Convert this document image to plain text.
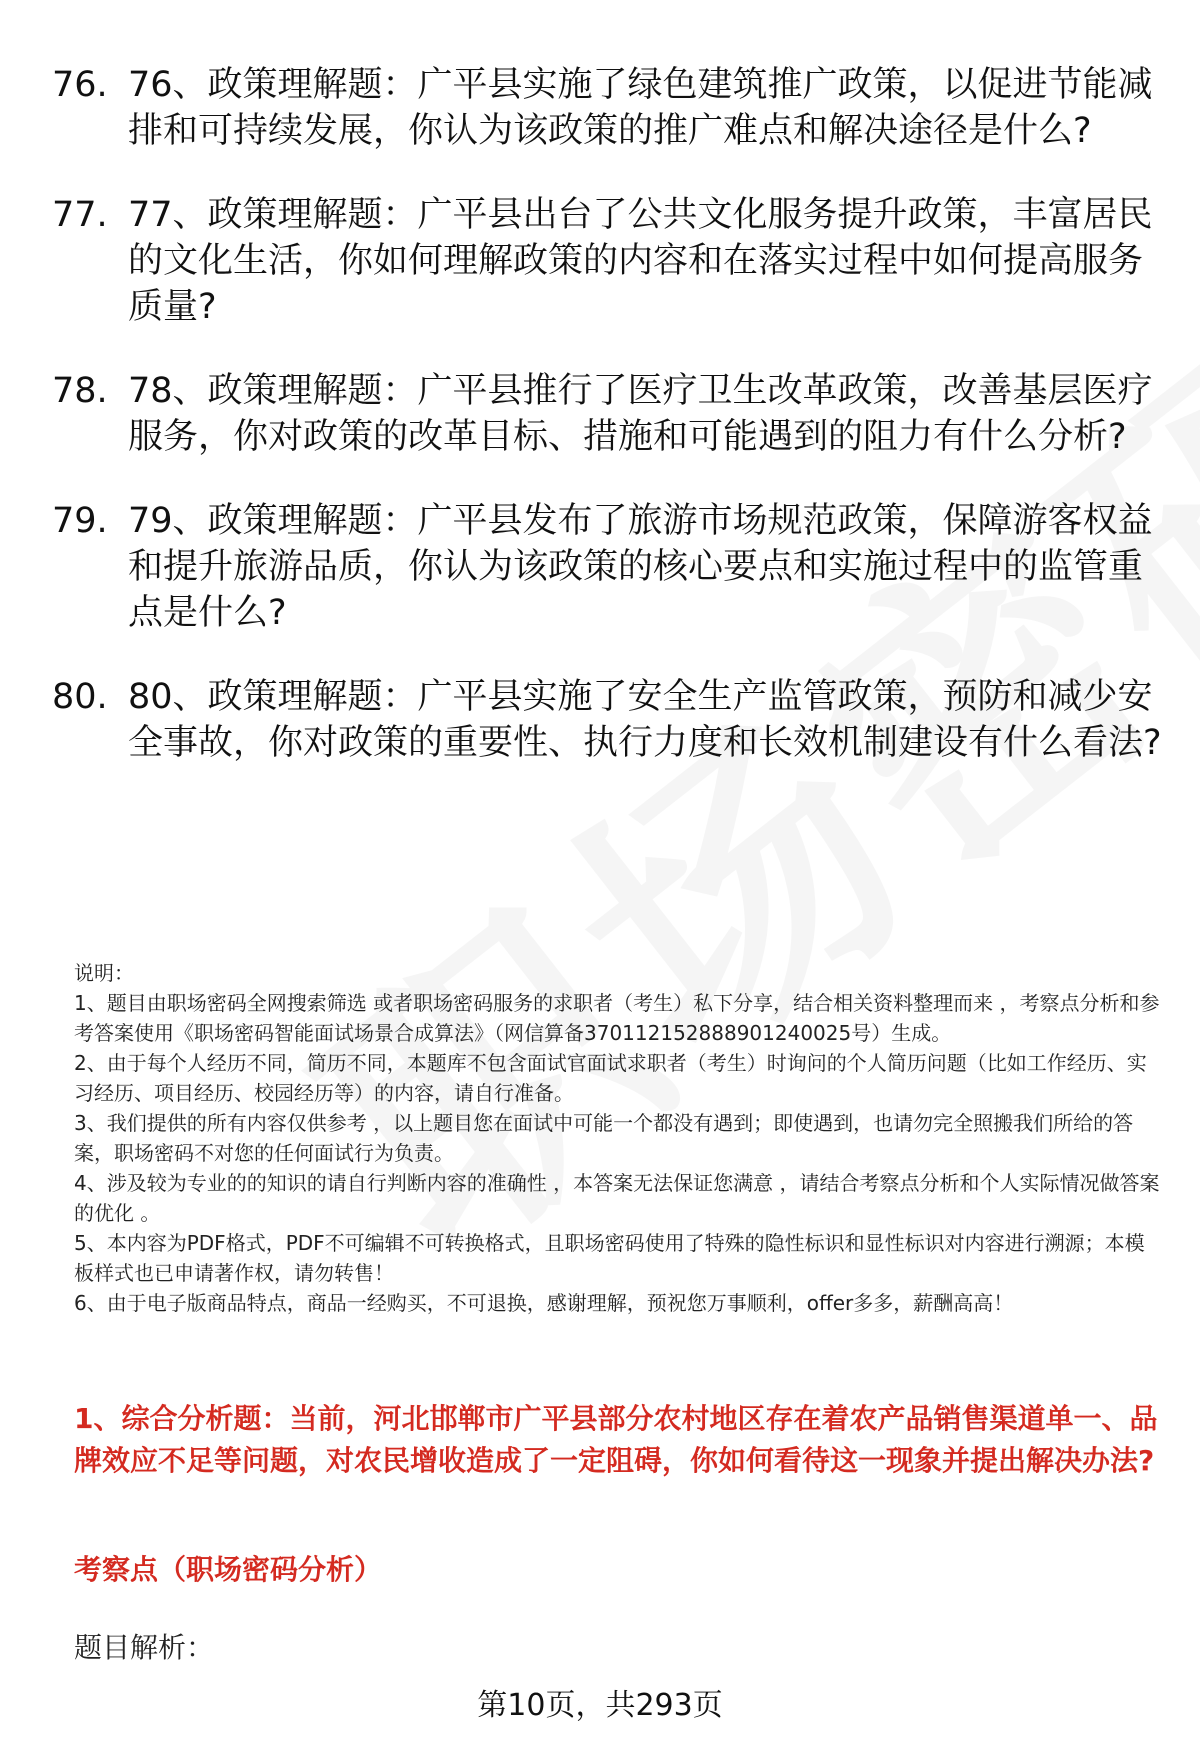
76. 76、政策理解题：广平县实施了绿色建筑推广政策，以促进节能减排和可持续发展，你认为该政策的推广难点和解决途径是什么?
77. 77、政策理解题：广平县出台了公共文化服务提升政策，丰富居民的文化生活，你如何理解政策的内容和在落实过程中如何提高服务质量?
78. 78、政策理解题：广平县推行了医疗卫生改革政策，改善基层医疗服务，你对政策的改革目标、措施和可能遇到的阻力有什么分析?
79. 79、政策理解题：广平县发布了旅游市场规范政策，保障游客权益和提升旅游品质，你认为该政策的核心要点和实施过程中的监管重点是什么?
80. 80、政策理解题：广平县实施了安全生产监管政策，预防和减少安全事故，你对政策的重要性、执行力度和长效机制建设有什么看法?

说明：

1、题目由职场密码全网搜索筛选 或者职场密码服务的求职者（考生）私下分享，结合相关资料整理而来 ，考察点分析和参考答案使用《职场密码智能面试场景合成算法》（网信算备370112152888901240025号）生成。

2、由于每个人经历不同，简历不同，本题库不包含面试官面试求职者（考生）时询问的个人简历问题（比如工作经历、实习经历、项目经历、校园经历等）的内容，请自行准备。

3、我们提供的所有内容仅供参考 ，以上题目您在面试中可能一个都没有遇到；即使遇到，也请勿完全照搬我们所给的答案，职场密码不对您的任何面试行为负责。

4、涉及较为专业的的知识的请自行判断内容的准确性 ，本答案无法保证您满意 ，请结合考察点分析和个人实际情况做答案的优化 。

5、本内容为PDF格式，PDF不可编辑不可转换格式，且职场密码使用了特殊的隐性标识和显性标识对内容进行溯源；本模板样式也已申请著作权，请勿转售！

6、由于电子版商品特点，商品一经购买，不可退换，感谢理解，预祝您万事顺利，offer多多，薪酬高高！

1、综合分析题：当前，河北邯郸市广平县部分农村地区存在着农产品销售渠道单一、品牌效应不足等问题，对农民增收造成了一定阻碍，你如何看待这一现象并提出解决办法?
考察点（职场密码分析）
题目解析：
第10页，共293页
